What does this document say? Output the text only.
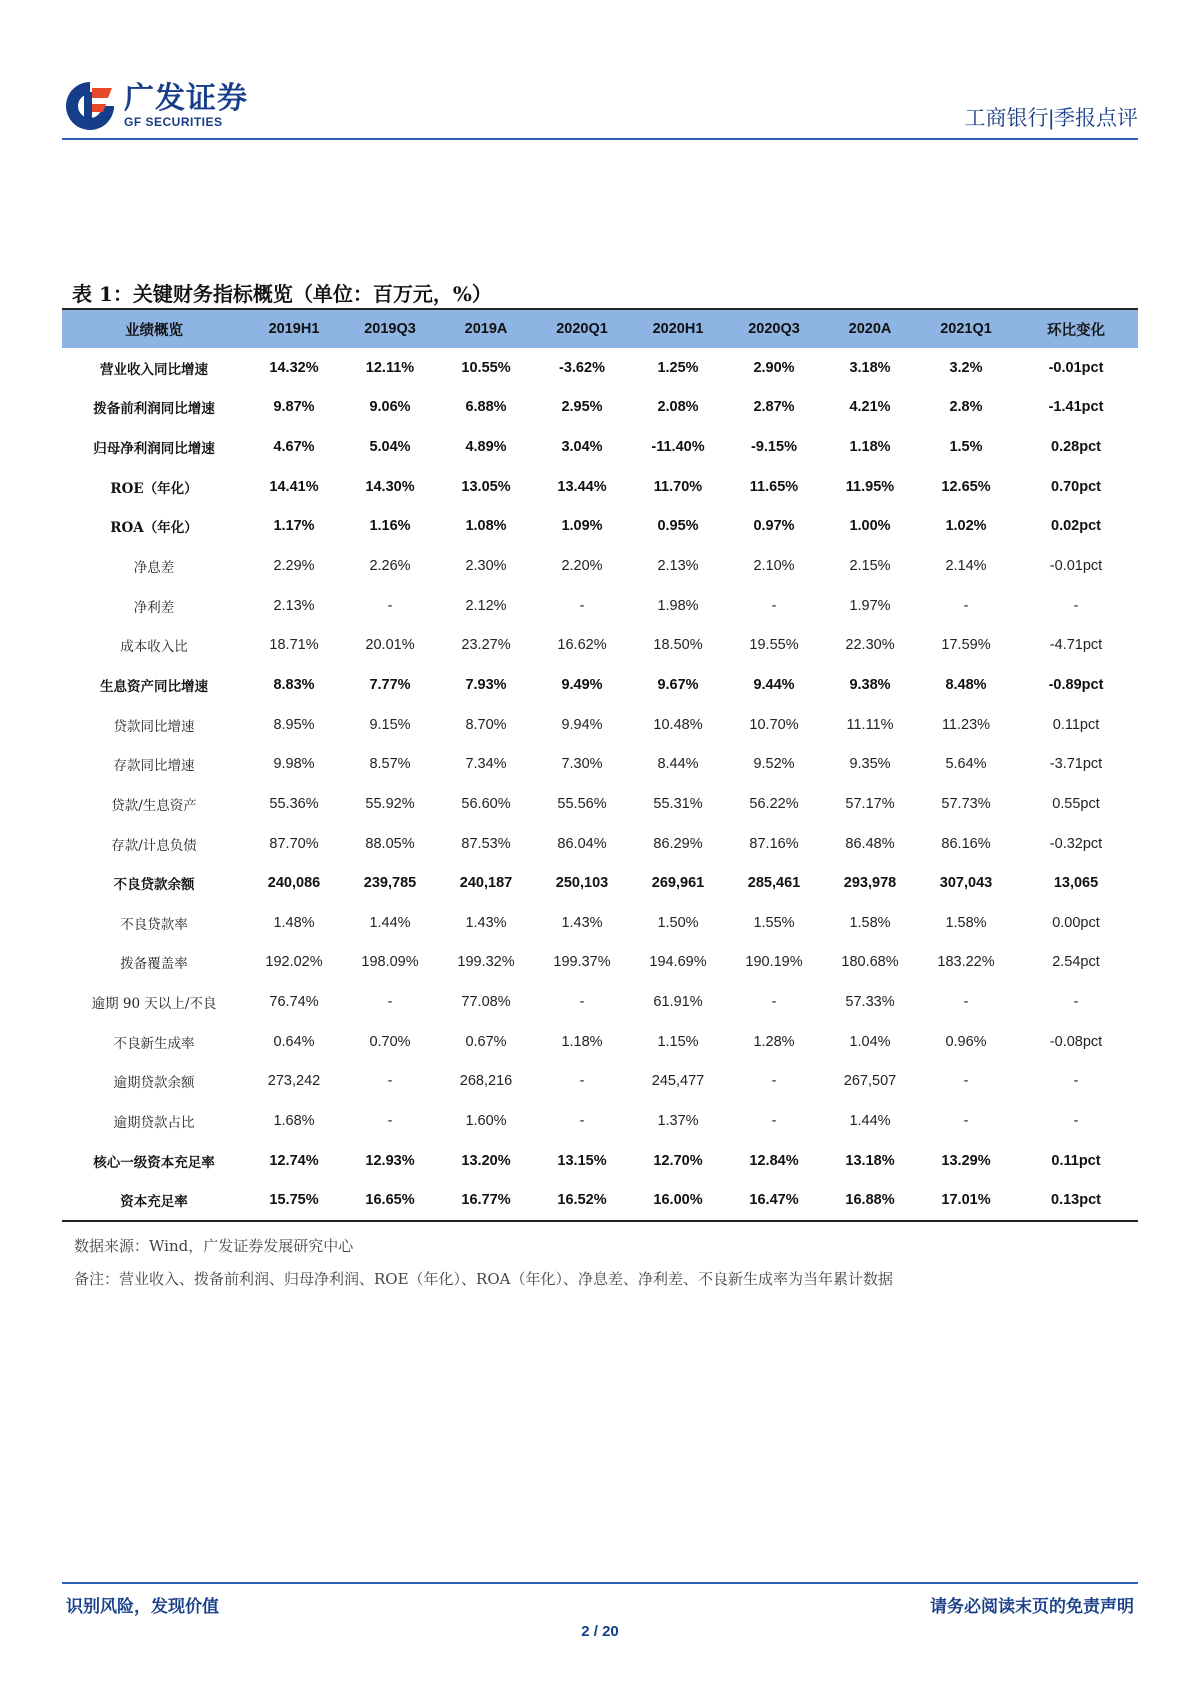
广发证券
GF SECURITIES	工商银行|季报点评
表 1：关键财务指标概览（单位：百万元，%）
业绩概览	2019H1	2019Q3	2019A	2020Q1	2020H1	2020Q3	2020A	2021Q1	环比变化
营业收入同比增速	14.32%	12.11%	10.55%	-3.62%	1.25%	2.90%	3.18%	3.2%	-0.01pct
拨备前利润同比增速	9.87%	9.06%	6.88%	2.95%	2.08%	2.87%	4.21%	2.8%	-1.41pct
归母净利润同比增速	4.67%	5.04%	4.89%	3.04%	-11.40%	-9.15%	1.18%	1.5%	0.28pct
ROE（年化）	14.41%	14.30%	13.05%	13.44%	11.70%	11.65%	11.95%	12.65%	0.70pct
ROA（年化）	1.17%	1.16%	1.08%	1.09%	0.95%	0.97%	1.00%	1.02%	0.02pct
净息差	2.29%	2.26%	2.30%	2.20%	2.13%	2.10%	2.15%	2.14%	-0.01pct
净利差	2.13%	-	2.12%	-	1.98%	-	1.97%	-	-
成本收入比	18.71%	20.01%	23.27%	16.62%	18.50%	19.55%	22.30%	17.59%	-4.71pct
生息资产同比增速	8.83%	7.77%	7.93%	9.49%	9.67%	9.44%	9.38%	8.48%	-0.89pct
贷款同比增速	8.95%	9.15%	8.70%	9.94%	10.48%	10.70%	11.11%	11.23%	0.11pct
存款同比增速	9.98%	8.57%	7.34%	7.30%	8.44%	9.52%	9.35%	5.64%	-3.71pct
贷款/生息资产	55.36%	55.92%	56.60%	55.56%	55.31%	56.22%	57.17%	57.73%	0.55pct
存款/计息负债	87.70%	88.05%	87.53%	86.04%	86.29%	87.16%	86.48%	86.16%	-0.32pct
不良贷款余额	240,086	239,785	240,187	250,103	269,961	285,461	293,978	307,043	13,065
不良贷款率	1.48%	1.44%	1.43%	1.43%	1.50%	1.55%	1.58%	1.58%	0.00pct
拨备覆盖率	192.02%	198.09%	199.32%	199.37%	194.69%	190.19%	180.68%	183.22%	2.54pct
逾期 90 天以上/不良	76.74%	-	77.08%	-	61.91%	-	57.33%	-	-
不良新生成率	0.64%	0.70%	0.67%	1.18%	1.15%	1.28%	1.04%	0.96%	-0.08pct
逾期贷款余额	273,242	-	268,216	-	245,477	-	267,507	-	-
逾期贷款占比	1.68%	-	1.60%	-	1.37%	-	1.44%	-	-
核心一级资本充足率	12.74%	12.93%	13.20%	13.15%	12.70%	12.84%	13.18%	13.29%	0.11pct
资本充足率	15.75%	16.65%	16.77%	16.52%	16.00%	16.47%	16.88%	17.01%	0.13pct
数据来源：Wind，广发证券发展研究中心
备注：营业收入、拨备前利润、归母净利润、ROE（年化）、ROA（年化）、净息差、净利差、不良新生成率为当年累计数据
识别风险，发现价值	请务必阅读末页的免责声明
2 / 20
